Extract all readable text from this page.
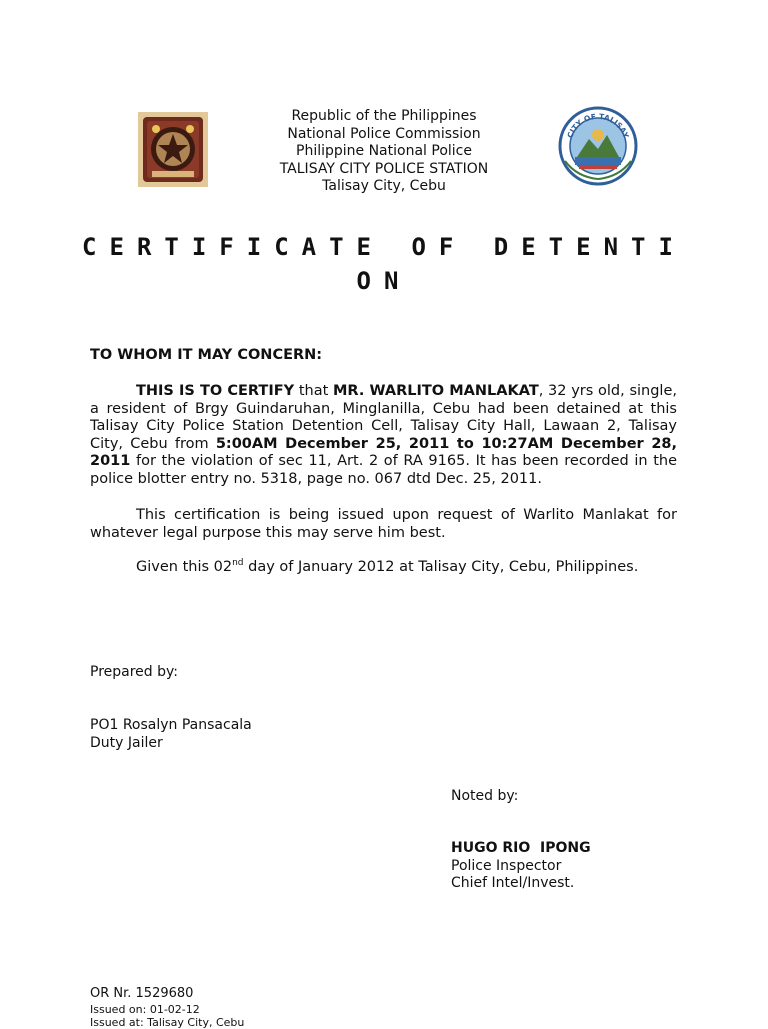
Republic of the Philippines
National Police Commission
Philippine National Police
TALISAY CITY POLICE STATION
Talisay City, Cebu
CITY OF TALISAY
CERTIFICATE OF DETENTI
ON
TO WHOM IT MAY CONCERN:
THIS IS TO CERTIFY that MR. WARLITO MANLAKAT, 32 yrs old, single, a resident of Brgy Guindaruhan, Minglanilla, Cebu had been detained at this Talisay City Police Station Detention Cell, Talisay City Hall, Lawaan 2, Talisay City, Cebu from 5:00AM December 25, 2011 to 10:27AM December 28, 2011 for the violation of sec 11, Art. 2 of RA 9165. It has been recorded in the police blotter entry no. 5318, page no. 067 dtd Dec. 25, 2011.
This certification is being issued upon request of Warlito Manlakat for whatever legal purpose this may serve him best.
Given this 02nd day of January 2012 at Talisay City, Cebu, Philippines.
Prepared by:
PO1 Rosalyn Pansacala
Duty Jailer
Noted by:
HUGO RIO  IPONG
Police Inspector
Chief Intel/Invest.
OR Nr. 1529680
Issued on: 01-02-12
Issued at: Talisay City, Cebu
